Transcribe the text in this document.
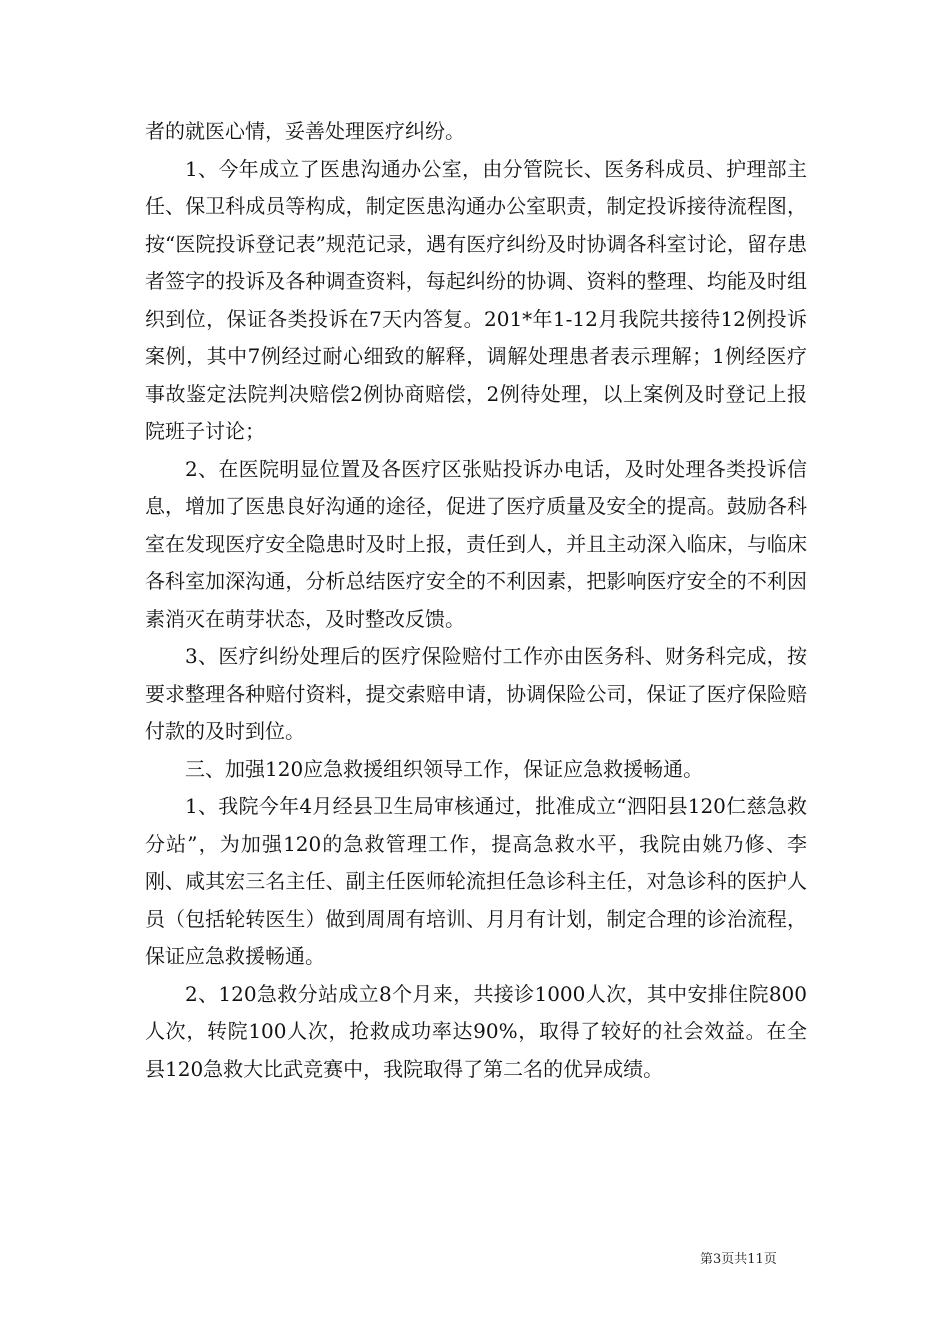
者的就医心情，妥善处理医疗纠纷。

1、今年成立了医患沟通办公室，由分管院长、医务科成员、护理部主任、保卫科成员等构成，制定医患沟通办公室职责，制定投诉接待流程图，按“医院投诉登记表”规范记录，遇有医疗纠纷及时协调各科室讨论，留存患者签字的投诉及各种调查资料，每起纠纷的协调、资料的整理、均能及时组织到位，保证各类投诉在7天内答复。201*年1-12月我院共接待12例投诉案例，其中7例经过耐心细致的解释，调解处理患者表示理解；1例经医疗事故鉴定法院判决赔偿2例协商赔偿，2例待处理，以上案例及时登记上报院班子讨论；

2、在医院明显位置及各医疗区张贴投诉办电话，及时处理各类投诉信息，增加了医患良好沟通的途径，促进了医疗质量及安全的提高。鼓励各科室在发现医疗安全隐患时及时上报，责任到人，并且主动深入临床，与临床各科室加深沟通，分析总结医疗安全的不利因素，把影响医疗安全的不利因素消灭在萌芽状态，及时整改反馈。

3、医疗纠纷处理后的医疗保险赔付工作亦由医务科、财务科完成，按要求整理各种赔付资料，提交索赔申请，协调保险公司，保证了医疗保险赔付款的及时到位。

三、加强120应急救援组织领导工作，保证应急救援畅通。

1、我院今年4月经县卫生局审核通过，批准成立“泗阳县120仁慈急救分站”，为加强120的急救管理工作，提高急救水平，我院由姚乃修、李刚、咸其宏三名主任、副主任医师轮流担任急诊科主任，对急诊科的医护人员（包括轮转医生）做到周周有培训、月月有计划，制定合理的诊治流程，保证应急救援畅通。

2、120急救分站成立8个月来，共接诊1000人次，其中安排住院800人次，转院100人次，抢救成功率达90%，取得了较好的社会效益。在全县120急救大比武竞赛中，我院取得了第二名的优异成绩。

第3页共11页
